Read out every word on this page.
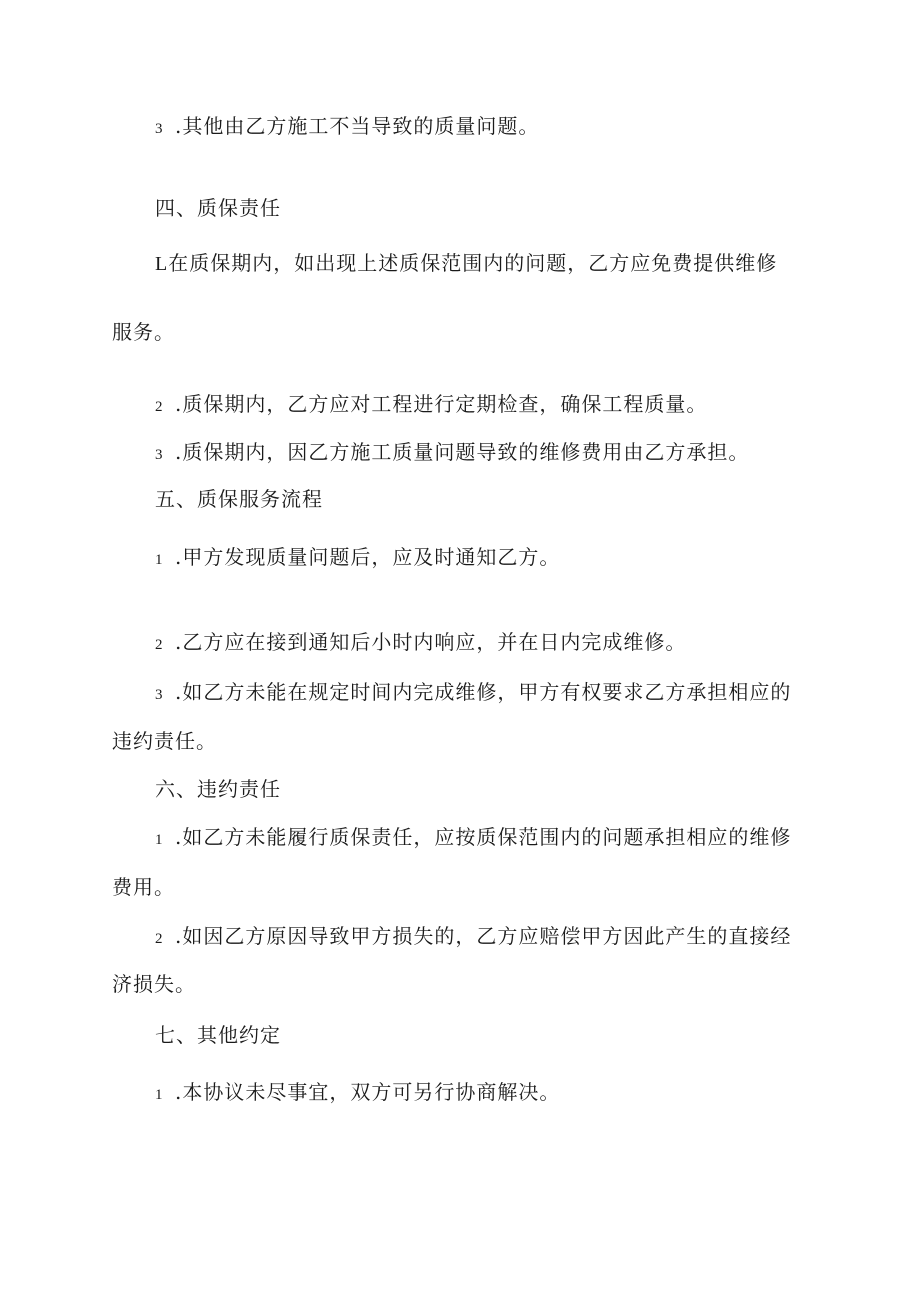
3 .其他由乙方施工不当导致的质量问题。
四、质保责任
L在质保期内，如出现上述质保范围内的问题，乙方应免费提供维修
服务。
2 .质保期内，乙方应对工程进行定期检查，确保工程质量。
3 .质保期内，因乙方施工质量问题导致的维修费用由乙方承担。
五、质保服务流程
1 .甲方发现质量问题后，应及时通知乙方。
2 .乙方应在接到通知后小时内响应，并在日内完成维修。
3 .如乙方未能在规定时间内完成维修，甲方有权要求乙方承担相应的
违约责任。
六、违约责任
1 .如乙方未能履行质保责任，应按质保范围内的问题承担相应的维修
费用。
2 .如因乙方原因导致甲方损失的，乙方应赔偿甲方因此产生的直接经
济损失。
七、其他约定
1 .本协议未尽事宜，双方可另行协商解决。
